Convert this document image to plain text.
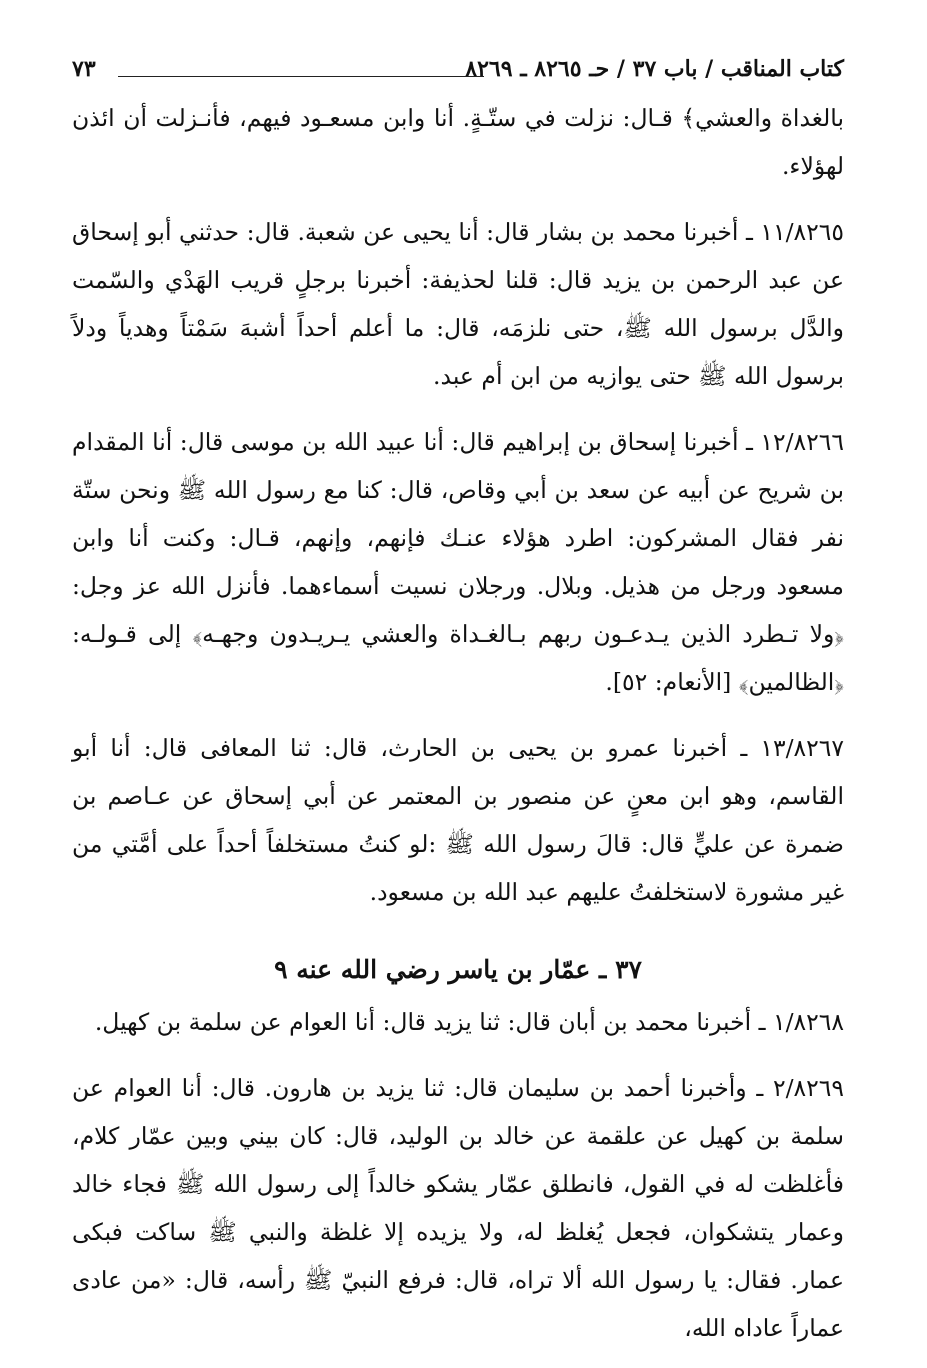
كتاب المناقب / باب ٣٧ / حـ ٨٢٦٥ ـ ٨٢٦٩
٧٣

بالغداة والعشي﴾ قـال: نزلت في ستّـةٍ. أنا وابن مسعـود فيهم، فأنـزلت أن ائذن لهؤلاء.

١١/٨٢٦٥ ـ أخبرنا محمد بن بشار قال: أنا يحيى عن شعبة. قال: حدثني أبو إسحاق عن عبد الرحمن بن يزيد قال: قلنا لحذيفة: أخبرنا برجلٍ قريب الهَدْي والسّمت والدَّل برسول الله ﷺ، حتى نلزمَه، قال: ما أعلم أحداً أشبهَ سَمْتاً وهدياً ودلاً برسول الله ﷺ حتى يوازيه من ابن أم عبد.

١٢/٨٢٦٦ ـ أخبرنا إسحاق بن إبراهيم قال: أنا عبيد الله بن موسى قال: أنا المقدام بن شريح عن أبيه عن سعد بن أبي وقاص، قال: كنا مع رسول الله ﷺ ونحن ستّة نفر فقال المشركون: اطرد هؤلاء عنـك فإنهم، وإنهم، قـال: وكنت أنا وابن مسعود ورجل من هذيل. وبلال. ورجلان نسيت أسماءهما. فأنزل الله عز وجل: ﴿ولا تـطرد الذين يـدعـون ربهم بـالغـداة والعشي يـريـدون وجهـه﴾ إلى قـولـه: ﴿الظالمين﴾ [الأنعام: ٥٢].

١٣/٨٢٦٧ ـ أخبرنا عمرو بن يحيى بن الحارث، قال: ثنا المعافى قال: أنا أبو القاسم، وهو ابن معنٍ عن منصور بن المعتمر عن أبي إسحاق عن عـاصم بن ضمرة عن عليٍّ قال: قالَ رسول الله ﷺ :لو كنتُ مستخلفاً أحداً على أمَّتي من غير مشورة لاستخلفتُ عليهم عبد الله بن مسعود.

٣٧ ـ عمّار بن ياسر رضي الله عنه ٩

١/٨٢٦٨ ـ أخبرنا محمد بن أبان قال: ثنا يزيد قال: أنا العوام عن سلمة بن كهيل.

٢/٨٢٦٩ ـ وأخبرنا أحمد بن سليمان قال: ثنا يزيد بن هارون. قال: أنا العوام عن سلمة بن كهيل عن علقمة عن خالد بن الوليد، قال: كان بيني وبين عمّار كلام، فأغلظت له في القول، فانطلق عمّار يشكو خالداً إلى رسول الله ﷺ فجاء خالد وعمار يتشكوان، فجعل يُغلظ له، ولا يزيده إلا غلظة والنبي ﷺ ساكت فبكى عمار. فقال: يا رسول الله ألا تراه، قال: فرفع النبيّ ﷺ رأسه، قال: «من عادى عماراً عاداه الله،
